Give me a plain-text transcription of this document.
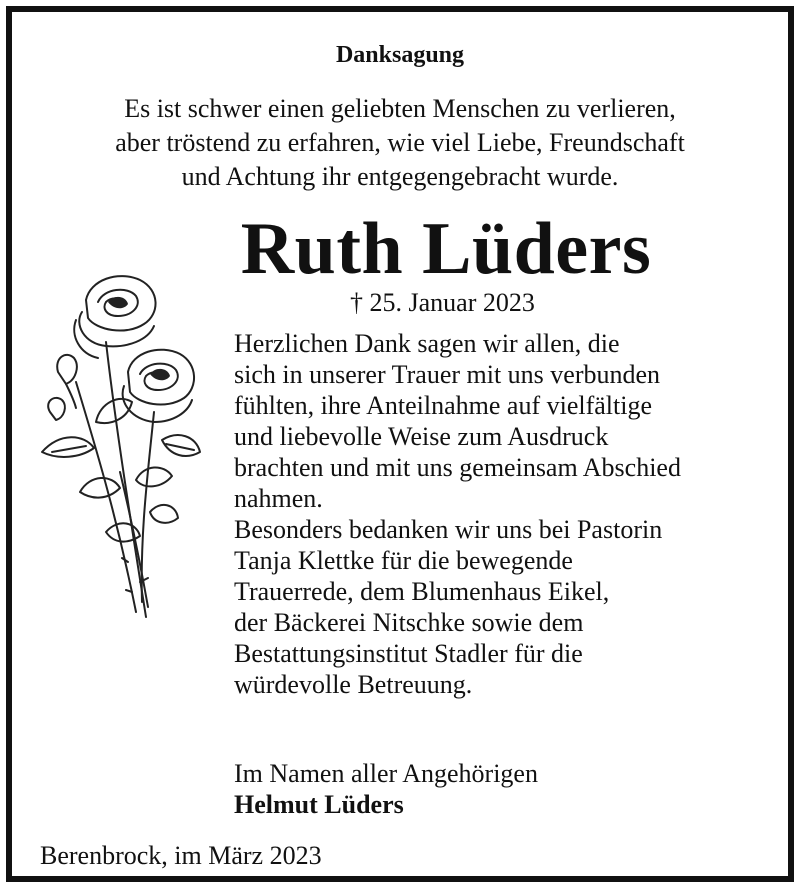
Danksagung
Es ist schwer einen geliebten Menschen zu verlieren,
aber tröstend zu erfahren, wie viel Liebe, Freundschaft
und Achtung ihr entgegengebracht wurde.
Ruth Lüders
† 25. Januar 2023
Herzlichen Dank sagen wir allen, die
sich in unserer Trauer mit uns verbunden
fühlten, ihre Anteilnahme auf vielfältige
und liebevolle Weise zum Ausdruck
brachten und mit uns gemeinsam Abschied
nahmen.
Besonders bedanken wir uns bei Pastorin
Tanja Klettke für die bewegende
Trauerrede, dem Blumenhaus Eikel,
der Bäckerei Nitschke sowie dem
Bestattungsinstitut Stadler für die
würdevolle Betreuung.
Im Namen aller Angehörigen
Helmut Lüders
Berenbrock, im März 2023
